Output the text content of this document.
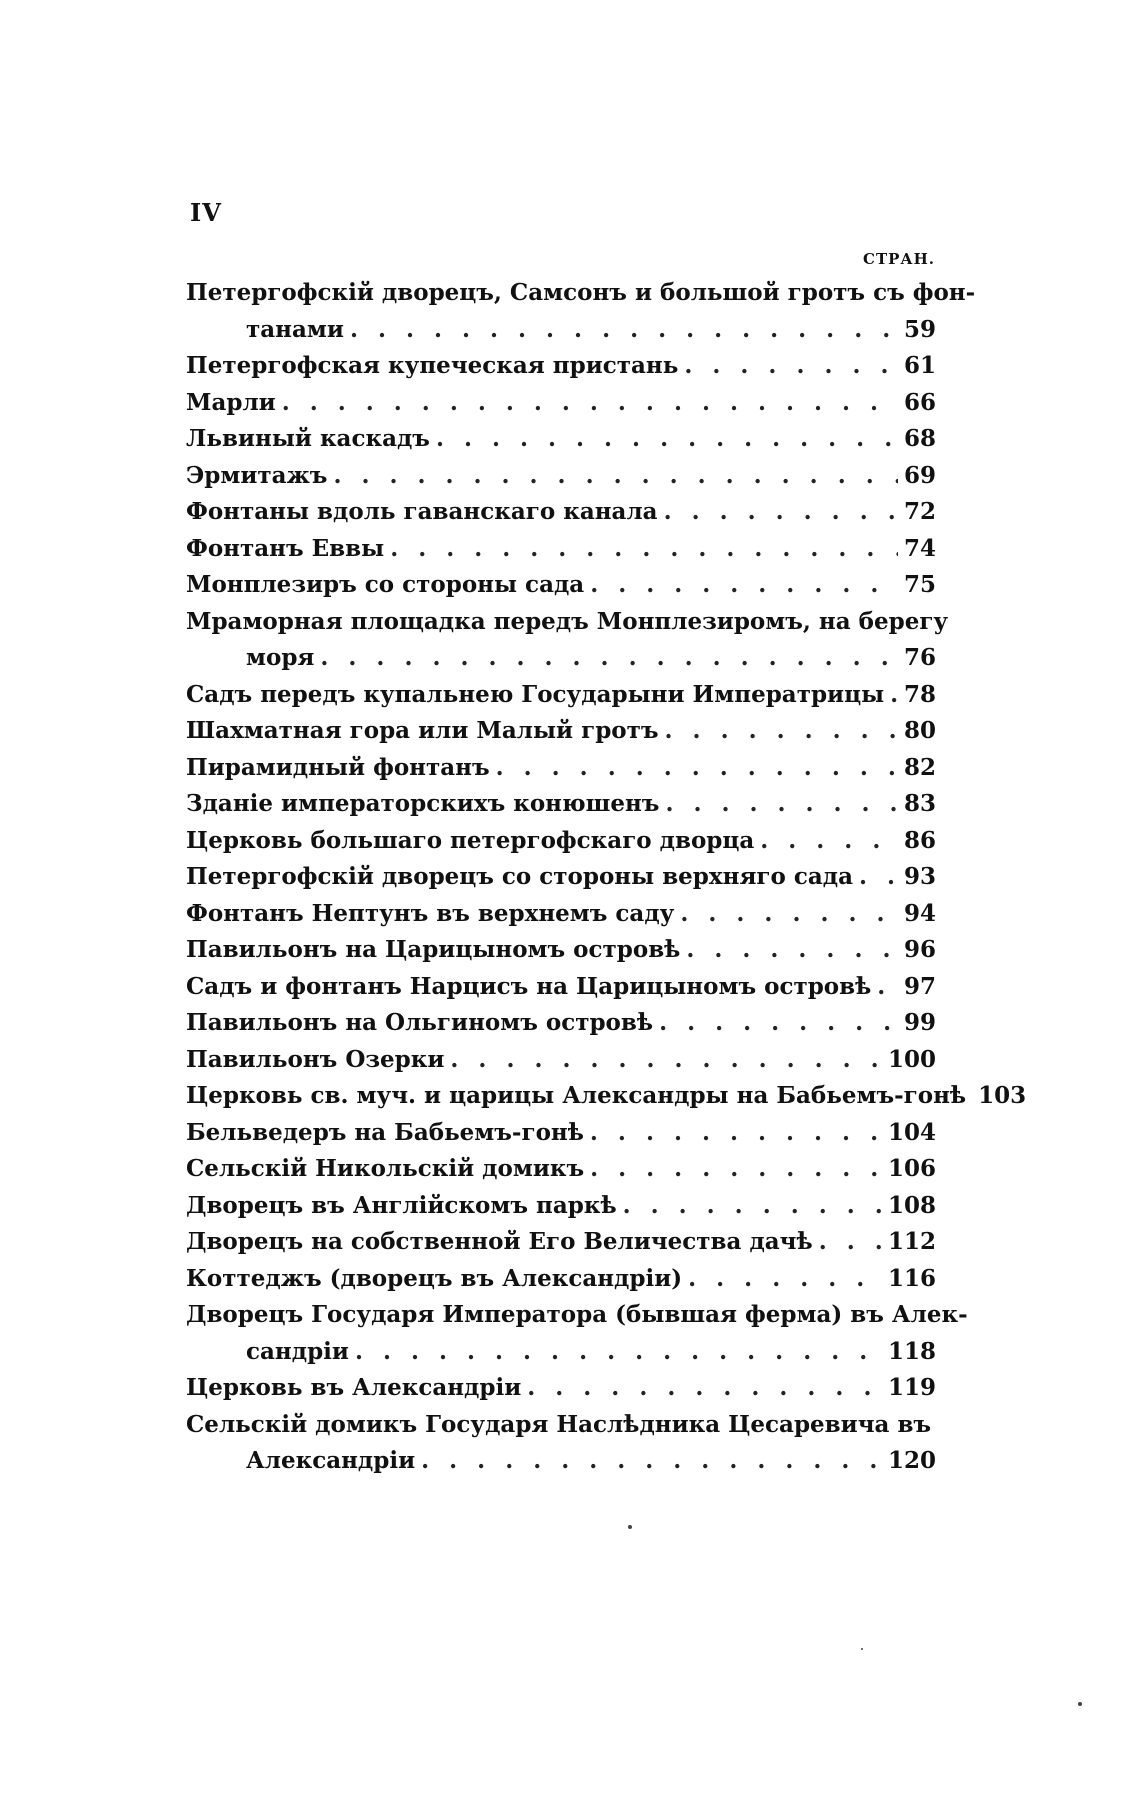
IV
СТРАН.
Петергофскій дворецъ, Самсонъ и большой гротъ съ фон-
танами . . .	59
Петергофская купеческая пристань . . .	61
Марли . . .	66
Львиный каскадъ . . .	68
Эрмитажъ . . .	69
Фонтаны вдоль гаванскаго канала . . .	72
Фонтанъ Еввы . . .	74
Монплезиръ со стороны сада . . .	75
Мраморная площадка передъ Монплезиромъ, на берегу
моря . . .	76
Садъ передъ купальнею Государыни Императрицы . . . 78
Шахматная гора или Малый гротъ . . .	80
Пирамидный фонтанъ . . .	82
Зданіе императорскихъ конюшенъ . . .	83
Церковь большаго петергофскаго дворца . . .	86
Петергофскій дворецъ со стороны верхняго сада . . . 93
Фонтанъ Нептунъ въ верхнемъ саду . . .	94
Павильонъ на Царицыномъ островѣ . . .	96
Садъ и фонтанъ Нарцисъ на Царицыномъ островѣ . . . 97
Павильонъ на Ольгиномъ островѣ . . .	99
Павильонъ Озерки . . .	100
Церковь св. муч. и царицы Александры на Бабьемъ-гонѣ 103
Бельведеръ на Бабьемъ-гонѣ . . .	104
Сельскій Никольскій домикъ . . .	106
Дворецъ въ Англійскомъ паркѣ . . .	108
Дворецъ на собственной Его Величества дачѣ . . .	112
Коттеджъ (дворецъ въ Александріи) . . .	116
Дворецъ Государя Императора (бывшая ферма) въ Алек-
сандріи . . .	118
Церковь въ Александріи . . .	119
Сельскій домикъ Государя Наслѣдника Цесаревича въ
Александріи . . .	120
